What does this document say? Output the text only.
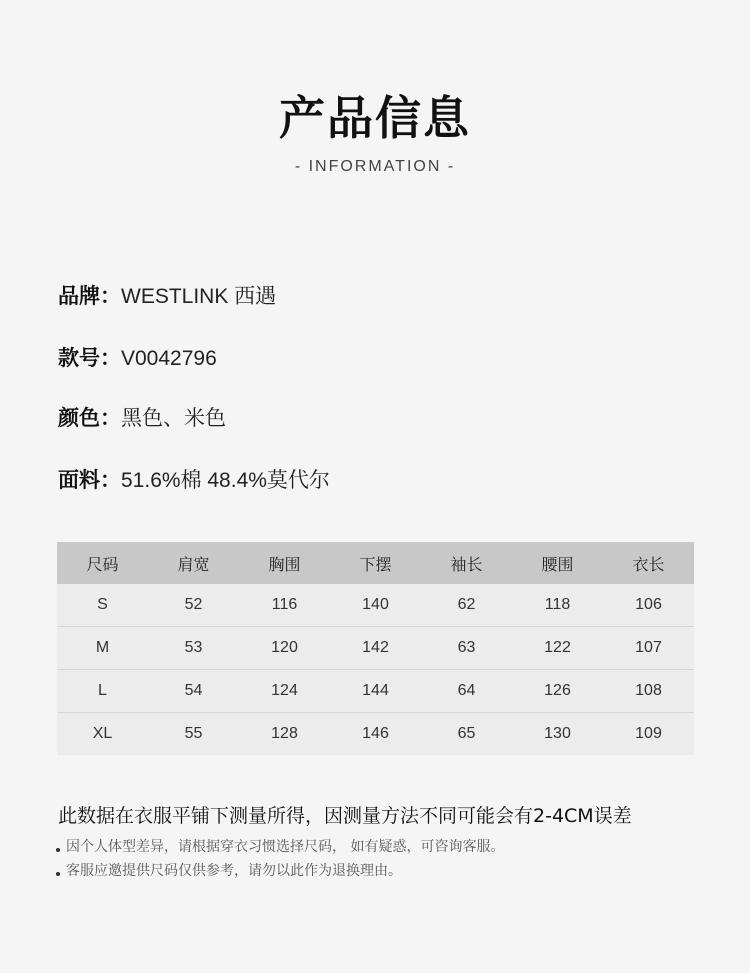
产品信息
- INFORMATION -
品牌：WESTLINK 西遇
款号：V0042796
颜色：黑色、米色
面料：51.6%棉 48.4%莫代尔
尺码	肩宽	胸围	下摆	袖长	腰围	衣长
S	52	116	140	62	118	106
M	53	120	142	63	122	107
L	54	124	144	64	126	108
XL	55	128	146	65	130	109
此数据在衣服平铺下测量所得，因测量方法不同可能会有2-4CM误差
因个人体型差异，请根据穿衣习惯选择尺码， 如有疑惑，可咨询客服。
客服应邀提供尺码仅供参考，请勿以此作为退换理由。
